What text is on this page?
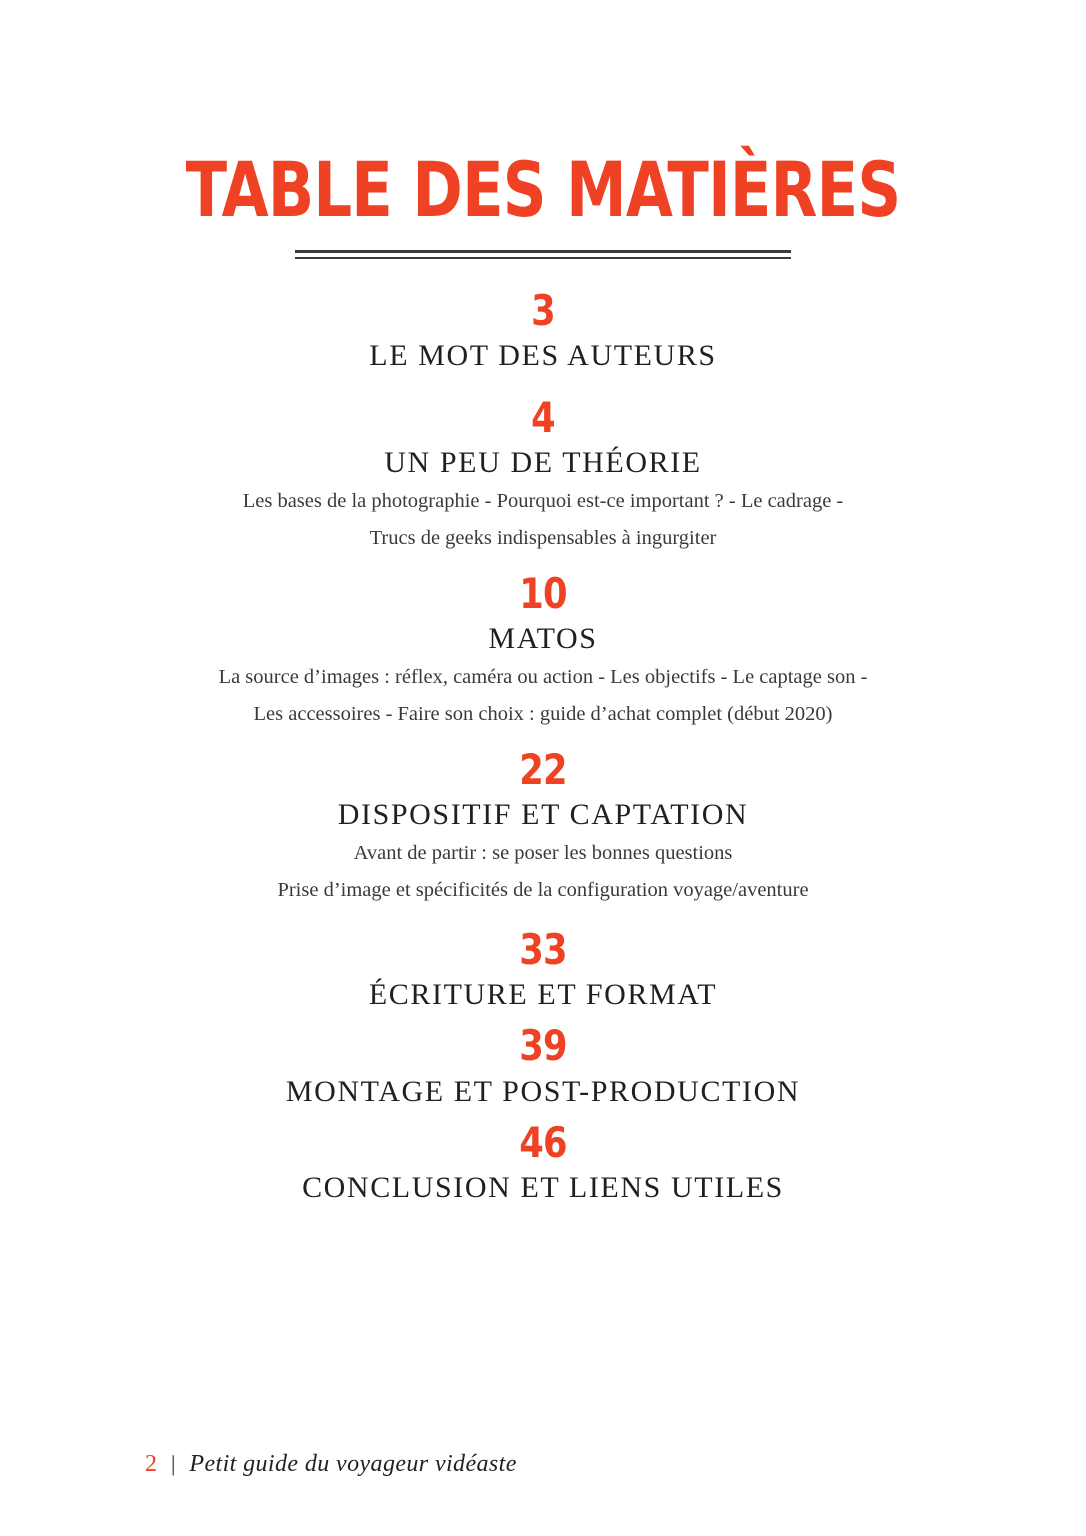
TABLE DES MATIÈRES
3
LE MOT DES AUTEURS
4
UN PEU DE THÉORIE
Les bases de la photographie - Pourquoi est-ce important ? - Le cadrage -
Trucs de geeks indispensables à ingurgiter
10
MATOS
La source d’images : réflex, caméra ou action - Les objectifs - Le captage son -
Les accessoires - Faire son choix : guide d’achat complet (début 2020)
22
DISPOSITIF ET CAPTATION
Avant de partir : se poser les bonnes questions
Prise d’image et spécificités de la configuration voyage/aventure
33
ÉCRITURE ET FORMAT
39
MONTAGE ET POST-PRODUCTION
46
CONCLUSION ET LIENS UTILES
2 | Petit guide du voyageur vidéaste
